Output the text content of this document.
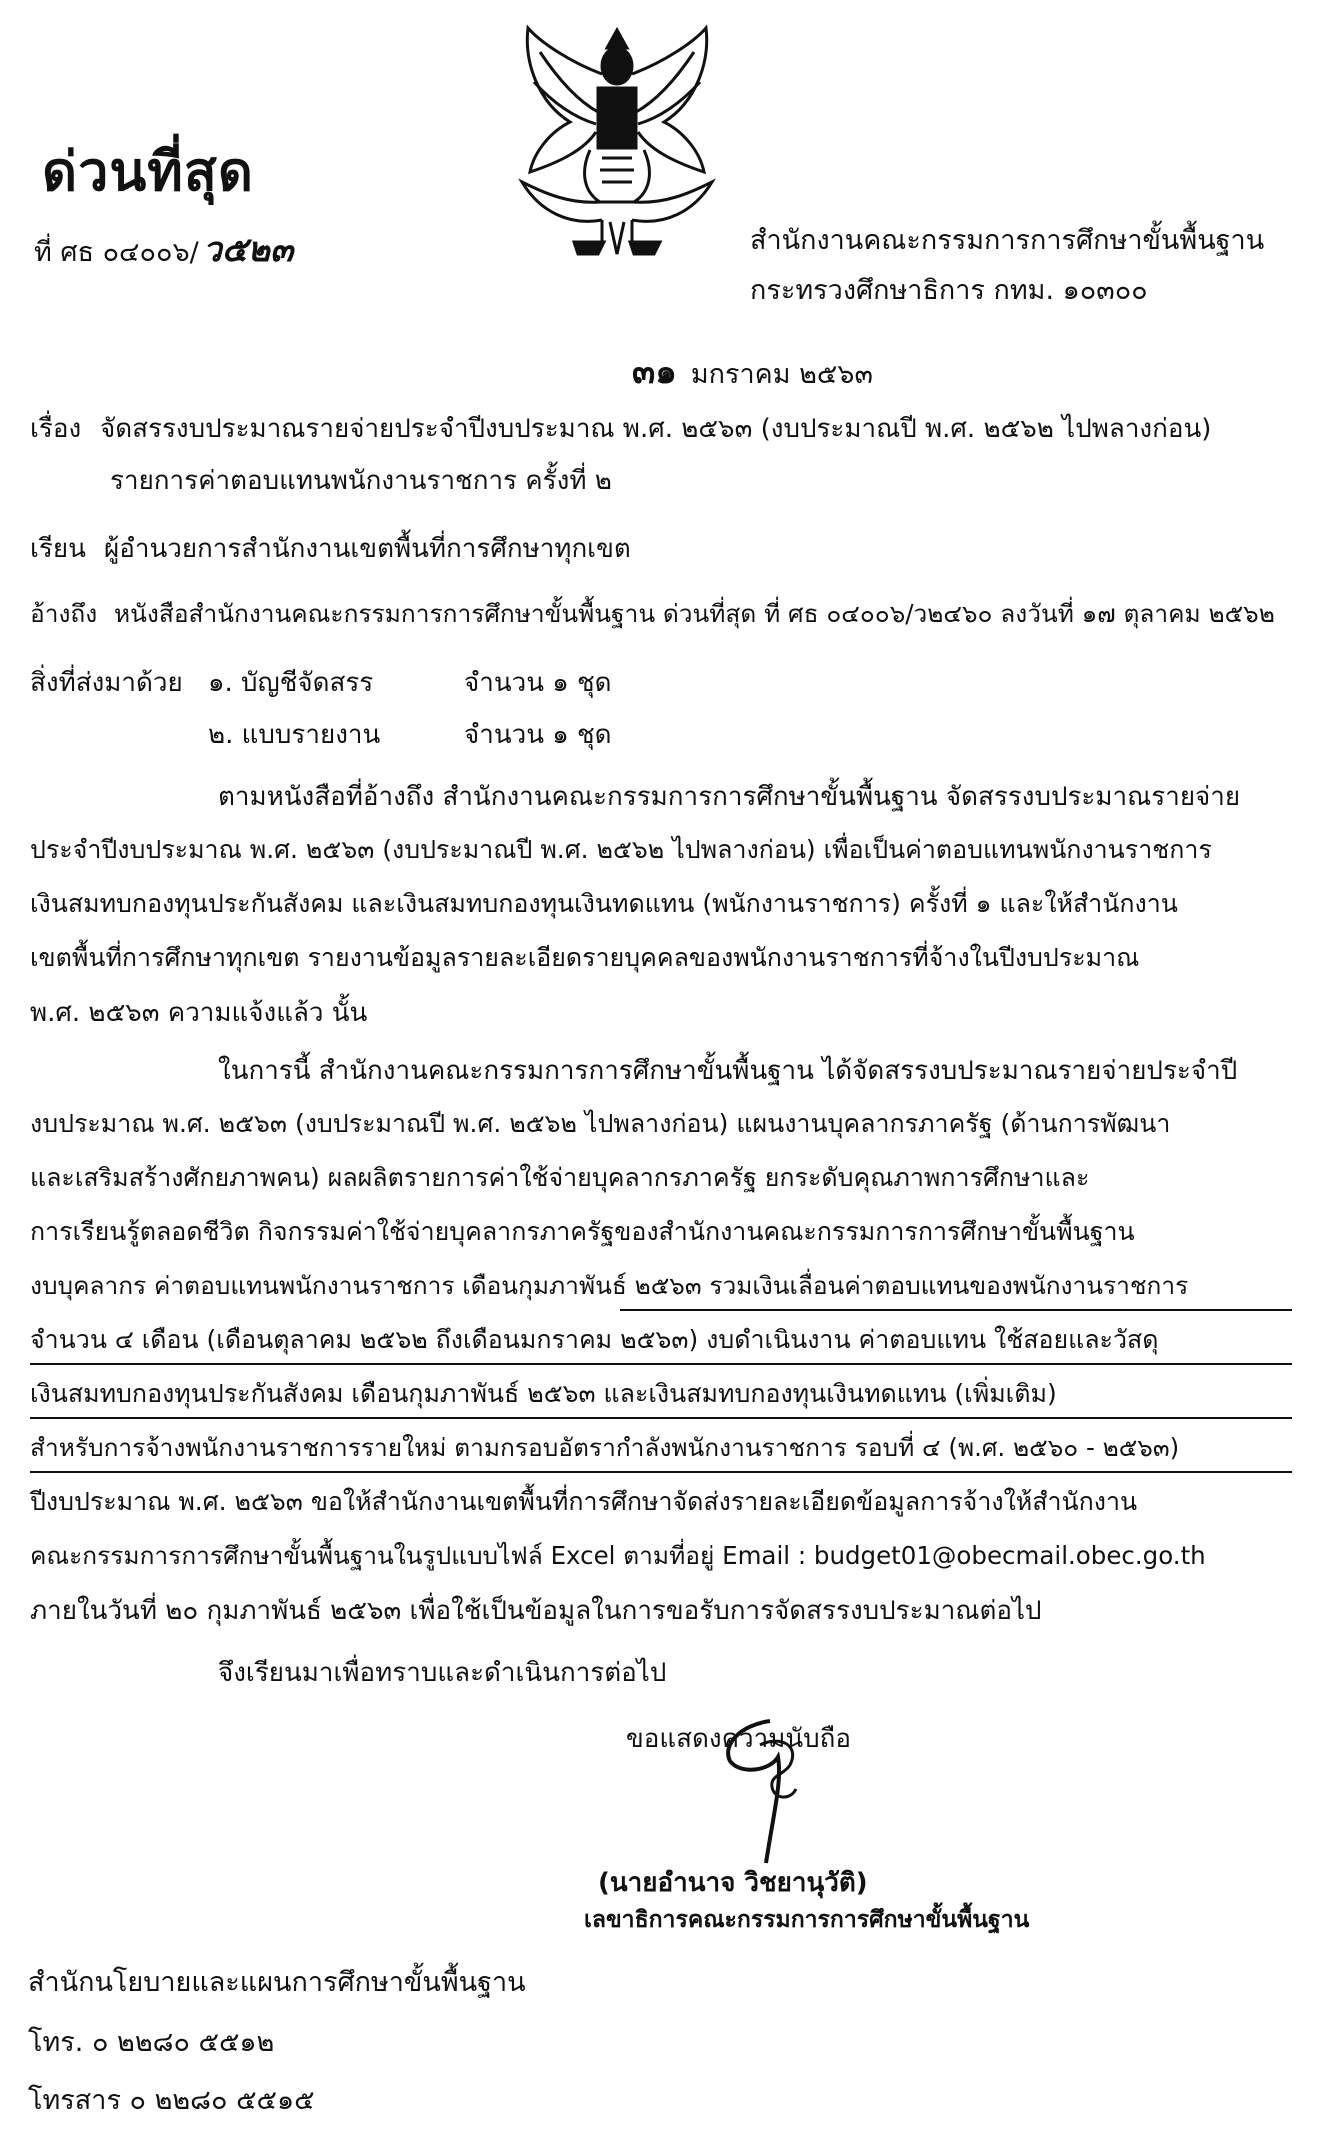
ด่วนที่สุด
ที่ ศธ ๐๔๐๐๖/ ว๕๒๓	สำนักงานคณะกรรมการการศึกษาขั้นพื้นฐาน
กระทรวงศึกษาธิการ กทม. ๑๐๓๐๐
๓๑ มกราคม ๒๕๖๓
เรื่อง จัดสรรงบประมาณรายจ่ายประจำปีงบประมาณ พ.ศ. ๒๕๖๓ (งบประมาณปี พ.ศ. ๒๕๖๒ ไปพลางก่อน)
รายการค่าตอบแทนพนักงานราชการ ครั้งที่ ๒
เรียน ผู้อำนวยการสำนักงานเขตพื้นที่การศึกษาทุกเขต
อ้างถึง หนังสือสำนักงานคณะกรรมการการศึกษาขั้นพื้นฐาน ด่วนที่สุด ที่ ศธ ๐๔๐๐๖/ว๒๔๖๐ ลงวันที่ ๑๗ ตุลาคม ๒๕๖๒
สิ่งที่ส่งมาด้วย ๑. บัญชีจัดสรร	จำนวน ๑ ชุด
๒. แบบรายงาน	จำนวน ๑ ชุด
ตามหนังสือที่อ้างถึง สำนักงานคณะกรรมการการศึกษาขั้นพื้นฐาน จัดสรรงบประมาณรายจ่าย
ประจำปีงบประมาณ พ.ศ. ๒๕๖๓ (งบประมาณปี พ.ศ. ๒๕๖๒ ไปพลางก่อน) เพื่อเป็นค่าตอบแทนพนักงานราชการ
เงินสมทบกองทุนประกันสังคม และเงินสมทบกองทุนเงินทดแทน (พนักงานราชการ) ครั้งที่ ๑ และให้สำนักงาน
เขตพื้นที่การศึกษาทุกเขต รายงานข้อมูลรายละเอียดรายบุคคลของพนักงานราชการที่จ้างในปีงบประมาณ
พ.ศ. ๒๕๖๓ ความแจ้งแล้ว นั้น
ในการนี้ สำนักงานคณะกรรมการการศึกษาขั้นพื้นฐาน ได้จัดสรรงบประมาณรายจ่ายประจำปี
งบประมาณ พ.ศ. ๒๕๖๓ (งบประมาณปี พ.ศ. ๒๕๖๒ ไปพลางก่อน) แผนงานบุคลากรภาครัฐ (ด้านการพัฒนา
และเสริมสร้างศักยภาพคน) ผลผลิตรายการค่าใช้จ่ายบุคลากรภาครัฐ ยกระดับคุณภาพการศึกษาและ
การเรียนรู้ตลอดชีวิต กิจกรรมค่าใช้จ่ายบุคลากรภาครัฐของสำนักงานคณะกรรมการการศึกษาขั้นพื้นฐาน
งบบุคลากร ค่าตอบแทนพนักงานราชการ เดือนกุมภาพันธ์ ๒๕๖๓ รวมเงินเลื่อนค่าตอบแทนของพนักงานราชการ
จำนวน ๔ เดือน (เดือนตุลาคม ๒๕๖๒ ถึงเดือนมกราคม ๒๕๖๓) งบดำเนินงาน ค่าตอบแทน ใช้สอยและวัสดุ
เงินสมทบกองทุนประกันสังคม เดือนกุมภาพันธ์ ๒๕๖๓ และเงินสมทบกองทุนเงินทดแทน (เพิ่มเติม)
สำหรับการจ้างพนักงานราชการรายใหม่ ตามกรอบอัตรากำลังพนักงานราชการ รอบที่ ๔ (พ.ศ. ๒๕๖๐ - ๒๕๖๓)
ปีงบประมาณ พ.ศ. ๒๕๖๓ ขอให้สำนักงานเขตพื้นที่การศึกษาจัดส่งรายละเอียดข้อมูลการจ้างให้สำนักงาน
คณะกรรมการการศึกษาขั้นพื้นฐานในรูปแบบไฟล์ Excel ตามที่อยู่ Email : budget01@obecmail.obec.go.th
ภายในวันที่ ๒๐ กุมภาพันธ์ ๒๕๖๓ เพื่อใช้เป็นข้อมูลในการขอรับการจัดสรรงบประมาณต่อไป
จึงเรียนมาเพื่อทราบและดำเนินการต่อไป
ขอแสดงความนับถือ
(นายอำนาจ วิชยานุวัติ)
เลขาธิการคณะกรรมการการศึกษาขั้นพื้นฐาน
สำนักนโยบายและแผนการศึกษาขั้นพื้นฐาน
โทร. ๐ ๒๒๘๐ ๕๕๑๒
โทรสาร ๐ ๒๒๘๐ ๕๕๑๕
